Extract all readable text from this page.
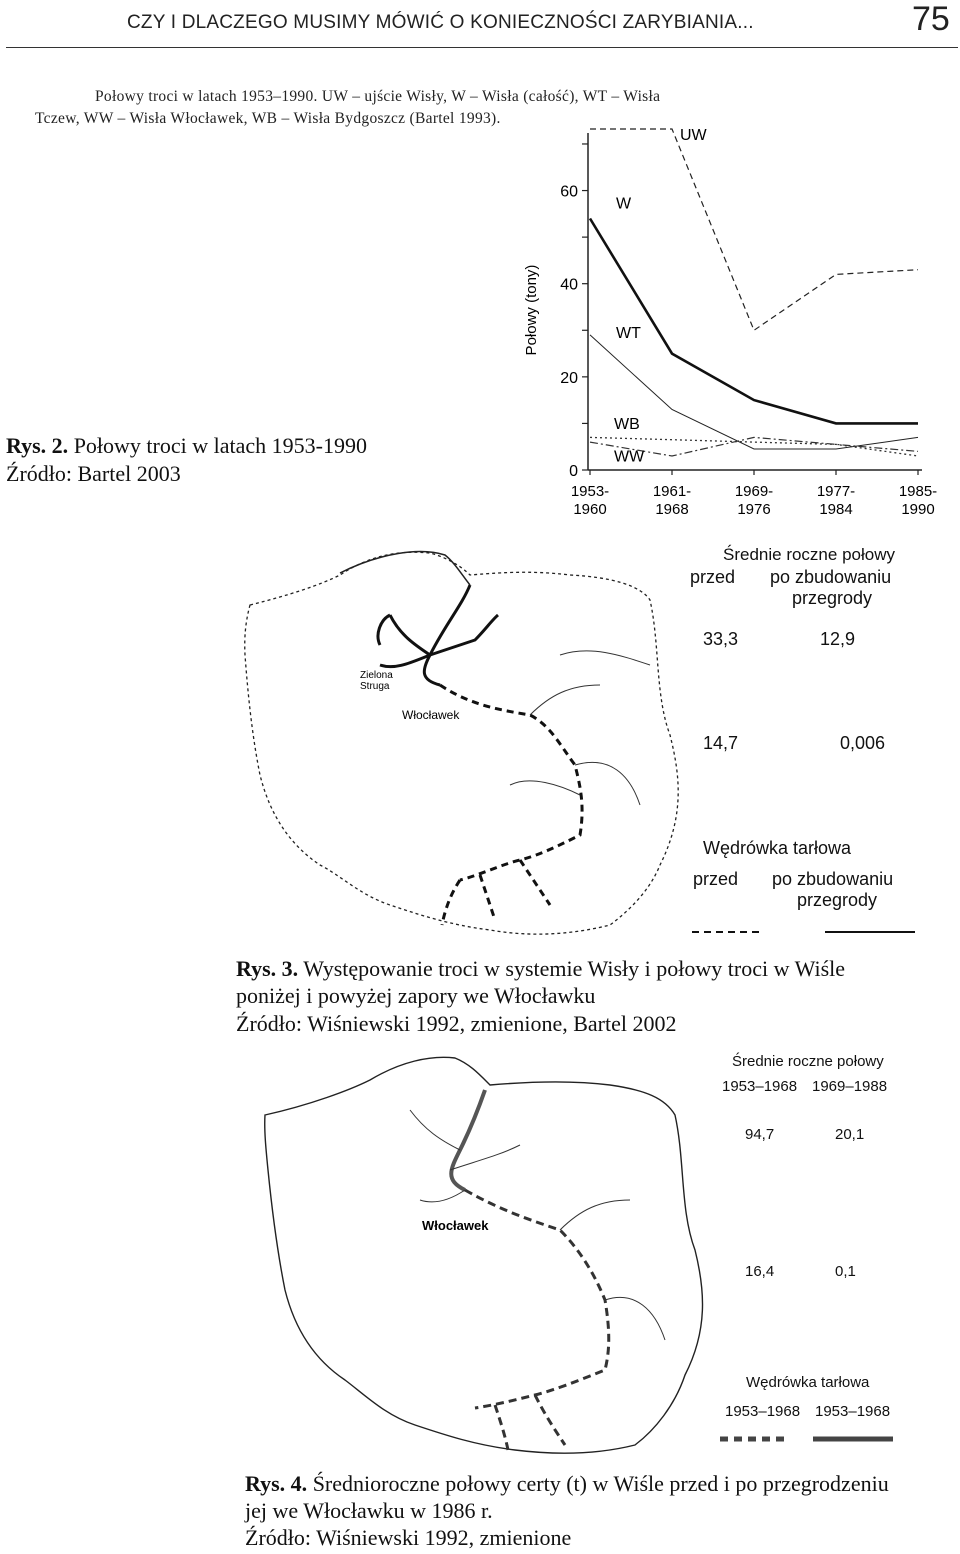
CZY I DLACZEGO MUSIMY MÓWIĆ O KONIECZNOŚCI ZARYBIANIA...	75
Połowy troci w latach 1953–1990. UW – ujście Wisły, W – Wisła (całość), WT – Wisła
Tczew, WW – Wisła Włocławek, WB – Wisła Bydgoszcz (Bartel 1993).
Rys. 2. Połowy troci w latach 1953-1990
Źródło: Bartel 2003	0
20
40
60
1953-
1960
1961-
1968
1969-
1976
1977-
1984
1985-
1990
Połowy (tony)
UW
W
WT
WB
WW
Zielona
Struga
Włocławek
Średnie roczne połowy
przed po zbudowaniu
przegrody
33,3	12,9
14,7	0,006
Wędrówka tarłowa
przed po zbudowaniu
przegrody
Rys. 3. Występowanie troci w systemie Wisły i połowy troci w Wiśle
poniżej i powyżej zapory we Włocławku
Źródło: Wiśniewski 1992, zmienione, Bartel 2002
Włocławek
Średnie roczne połowy
1953–1968 1969–1988
94,7	20,1
16,4	0,1
Wędrówka tarłowa
1953–1968 1953–1968
Rys. 4. Średnioroczne połowy certy (t) w Wiśle przed i po przegrodzeniu
jej we Włocławku w 1986 r.
Źródło: Wiśniewski 1992, zmienione
